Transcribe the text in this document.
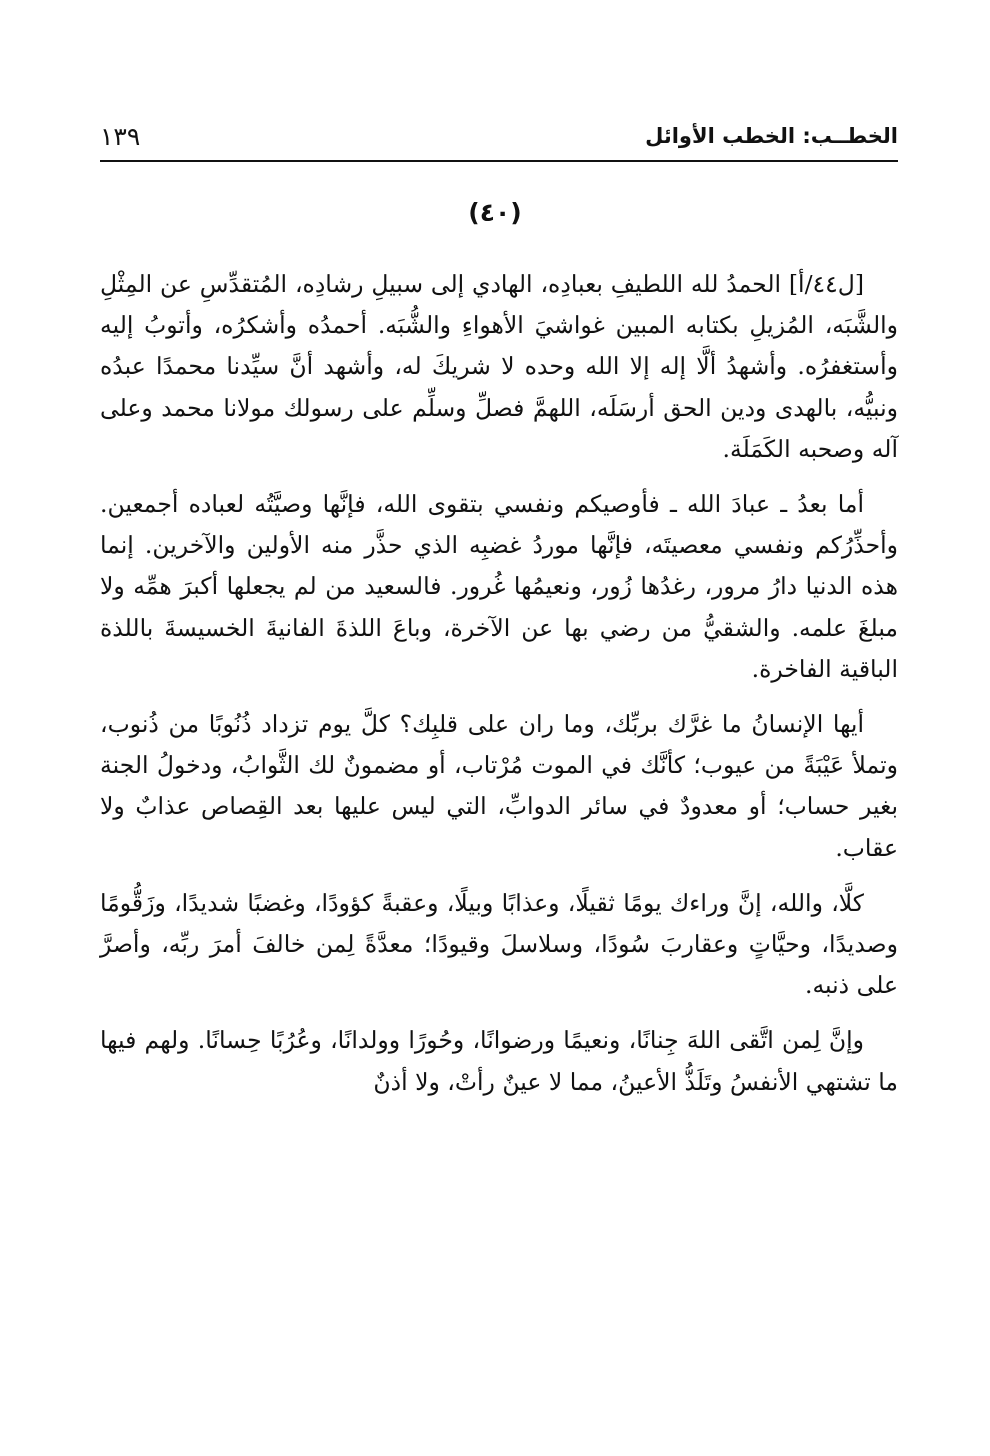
الخطــب: الخطب الأوائل
١٣٩
(٤٠)

[ل٤٤/أ] الحمدُ لله اللطيفِ بعبادِه، الهادي إلى سبيلِ رشادِه، المُتقدِّسِ عن المِثْلِ والشَّبَه، المُزيلِ بكتابه المبين غواشيَ الأهواءِ والشُّبَه. أحمدُه وأشكرُه، وأتوبُ إليه وأستغفرُه. وأشهدُ ألَّا إله إلا الله وحده لا شريكَ له، وأشهد أنَّ سيِّدنا محمدًا عبدُه ونبيُّه، بالهدى ودين الحق أرسَلَه، اللهمَّ فصلِّ وسلِّم على رسولك مولانا محمد وعلى آله وصحبه الكَمَلَة.

أما بعدُ ـ عبادَ الله ـ فأوصيكم ونفسي بتقوى الله، فإنَّها وصيَّتُه لعباده أجمعين. وأحذِّرُكم ونفسي معصيتَه، فإنَّها موردُ غضبِه الذي حذَّر منه الأولين والآخرين. إنما هذه الدنيا دارُ مرور، رغدُها زُور، ونعيمُها غُرور. فالسعيد من لم يجعلها أكبرَ همِّه ولا مبلغَ علمه. والشقيُّ من رضي بها عن الآخرة، وباعَ اللذةَ الفانيةَ الخسيسةَ باللذة الباقية الفاخرة.

أيها الإنسانُ ما غرَّك بربِّك، وما ران على قلبِك؟ كلَّ يوم تزداد ذُنُوبًا من ذُنوب، وتملأ عَيْبَةً من عيوب؛ كأنَّك في الموت مُرْتاب، أو مضمونٌ لك الثَّوابُ، ودخولُ الجنة بغير حساب؛ أو معدودٌ في سائر الدوابِّ، التي ليس عليها بعد القِصاص عذابٌ ولا عقاب.

كلَّا، والله، إنَّ وراءك يومًا ثقيلًا، وعذابًا وبيلًا، وعقبةً كؤودًا، وغضبًا شديدًا، وزَقُّومًا وصديدًا، وحيَّاتٍ وعقاربَ سُودًا، وسلاسلَ وقيودًا؛ معدَّةً لِمن خالفَ أمرَ ربِّه، وأصرَّ على ذنبه.

وإنَّ لِمن اتَّقى اللهَ جِنانًا، ونعيمًا ورضوانًا، وحُورًا وولدانًا، وعُرُبًا حِسانًا. ولهم فيها ما تشتهي الأنفسُ وتَلَذُّ الأعينُ، مما لا عينٌ رأتْ، ولا أذنٌ
